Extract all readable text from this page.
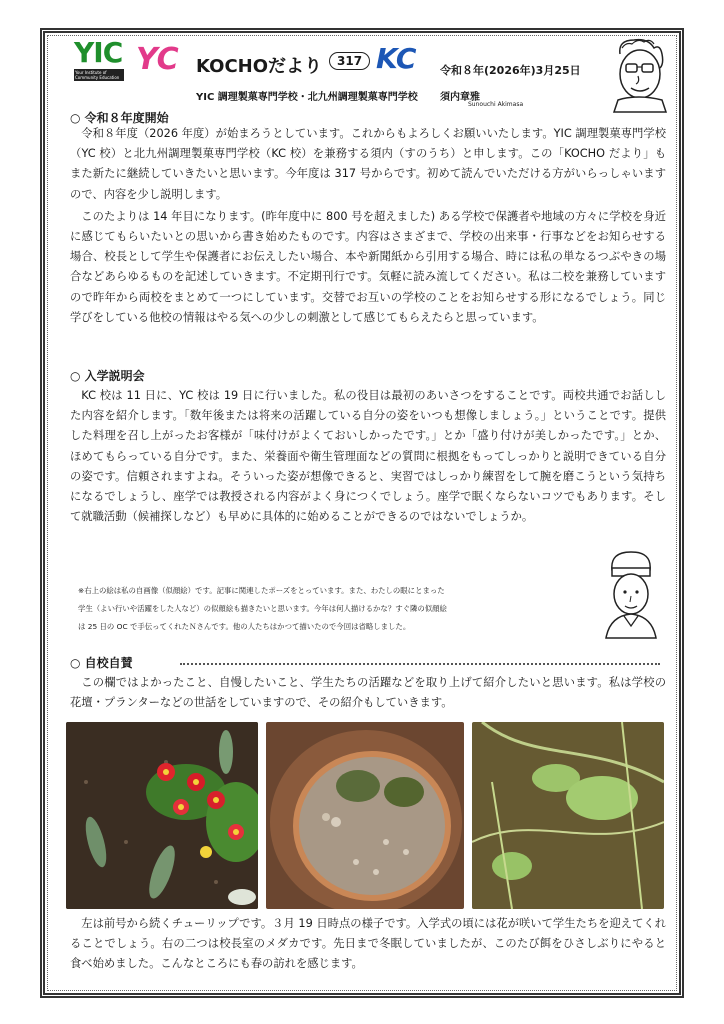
YIC
Your Institute of Community Education
YC KOCHOだより	317 KC 令和８年(2026年)3月25日
YIC 調理製菓専門学校・北九州調理製菓専門学校 須内章雅
Sunouchi Akimasa
○ 令和８年度開始

令和８年度（2026 年度）が始まろうとしています。これからもよろしくお願いいたします。YIC 調理製菓専門学校（YC 校）と北九州調理製菓専門学校（KC 校）を兼務する須内（すのうち）と申します。この「KOCHO だより」もまた新たに継続していきたいと思います。今年度は 317 号からです。初めて読んでいただける方がいらっしゃいますので、内容を少し説明します。

このたよりは 14 年目になります。(昨年度中に 800 号を超えました) ある学校で保護者や地域の方々に学校を身近に感じてもらいたいとの思いから書き始めたものです。内容はさまざまで、学校の出来事・行事などをお知らせする場合、校長として学生や保護者にお伝えしたい場合、本や新聞紙から引用する場合、時には私の単なるつぶやきの場合などあらゆるものを記述していきます。不定期刊行です。気軽に読み流してください。私は二校を兼務していますので昨年から両校をまとめて一つにしています。交替でお互いの学校のことをお知らせする形になるでしょう。同じ学びをしている他校の情報はやる気への少しの刺激として感じてもらえたらと思っています。

○ 入学説明会

KC 校は 11 日に、YC 校は 19 日に行いました。私の役目は最初のあいさつをすることです。両校共通でお話しした内容を紹介します。「数年後または将来の活躍している自分の姿をいつも想像しましょう。」ということです。提供した料理を召し上がったお客様が「味付けがよくておいしかったです。」とか「盛り付けが美しかったです。」とか、ほめてもらっている自分です。また、栄養面や衛生管理面などの質問に根拠をもってしっかりと説明できている自分の姿です。信頼されますよね。そういった姿が想像できると、実習ではしっかり練習をして腕を磨こうという気持ちになるでしょうし、座学では教授される内容がよく身につくでしょう。座学で眠くならないコツでもあります。そして就職活動（候補探しなど）も早めに具体的に始めることができるのではないでしょうか。

※右上の絵は私の自画像（似顔絵）です。記事に関連したポーズをとっています。また、わたしの眼にとまった

学生（よい行いや活躍をした人など）の似顔絵も描きたいと思います。今年は何人描けるかな？すぐ隣の似顔絵

は 25 日の OC で手伝ってくれたＮさんです。他の人たちはかつて描いたので今回は省略しました。

○ 自校自賛

この欄ではよかったこと、自慢したいこと、学生たちの活躍などを取り上げて紹介したいと思います。私は学校の花壇・プランターなどの世話をしていますので、その紹介もしていきます。

左は前号から続くチューリップです。３月 19 日時点の様子です。入学式の頃には花が咲いて学生たちを迎えてくれることでしょう。右の二つは校長室のメダカです。先日まで冬眠していましたが、このたび餌をひさしぶりにやると食べ始めました。こんなところにも春の訪れを感じます。
